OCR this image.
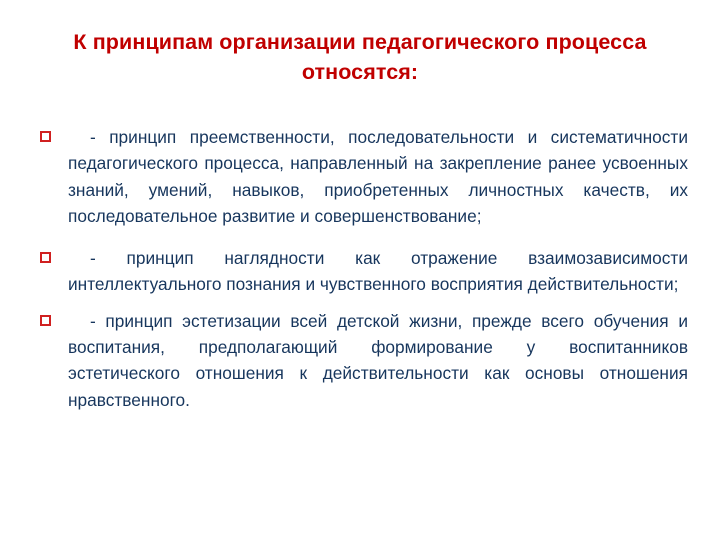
К принципам организации педагогического процесса относятся:
- принцип преемственности, последовательности и систематичности педагогического процесса, направленный на закрепление ранее усвоенных знаний, умений, навыков, приобретенных личностных качеств, их последовательное развитие и совершенствование;
- принцип наглядности как отражение взаимозависимости интеллектуального познания и чувственного восприятия действительности;
- принцип эстетизации всей детской жизни, прежде всего обучения и воспитания, предполагающий формирование у воспитанников эстетического отношения к действительности как основы отношения нравственного.
